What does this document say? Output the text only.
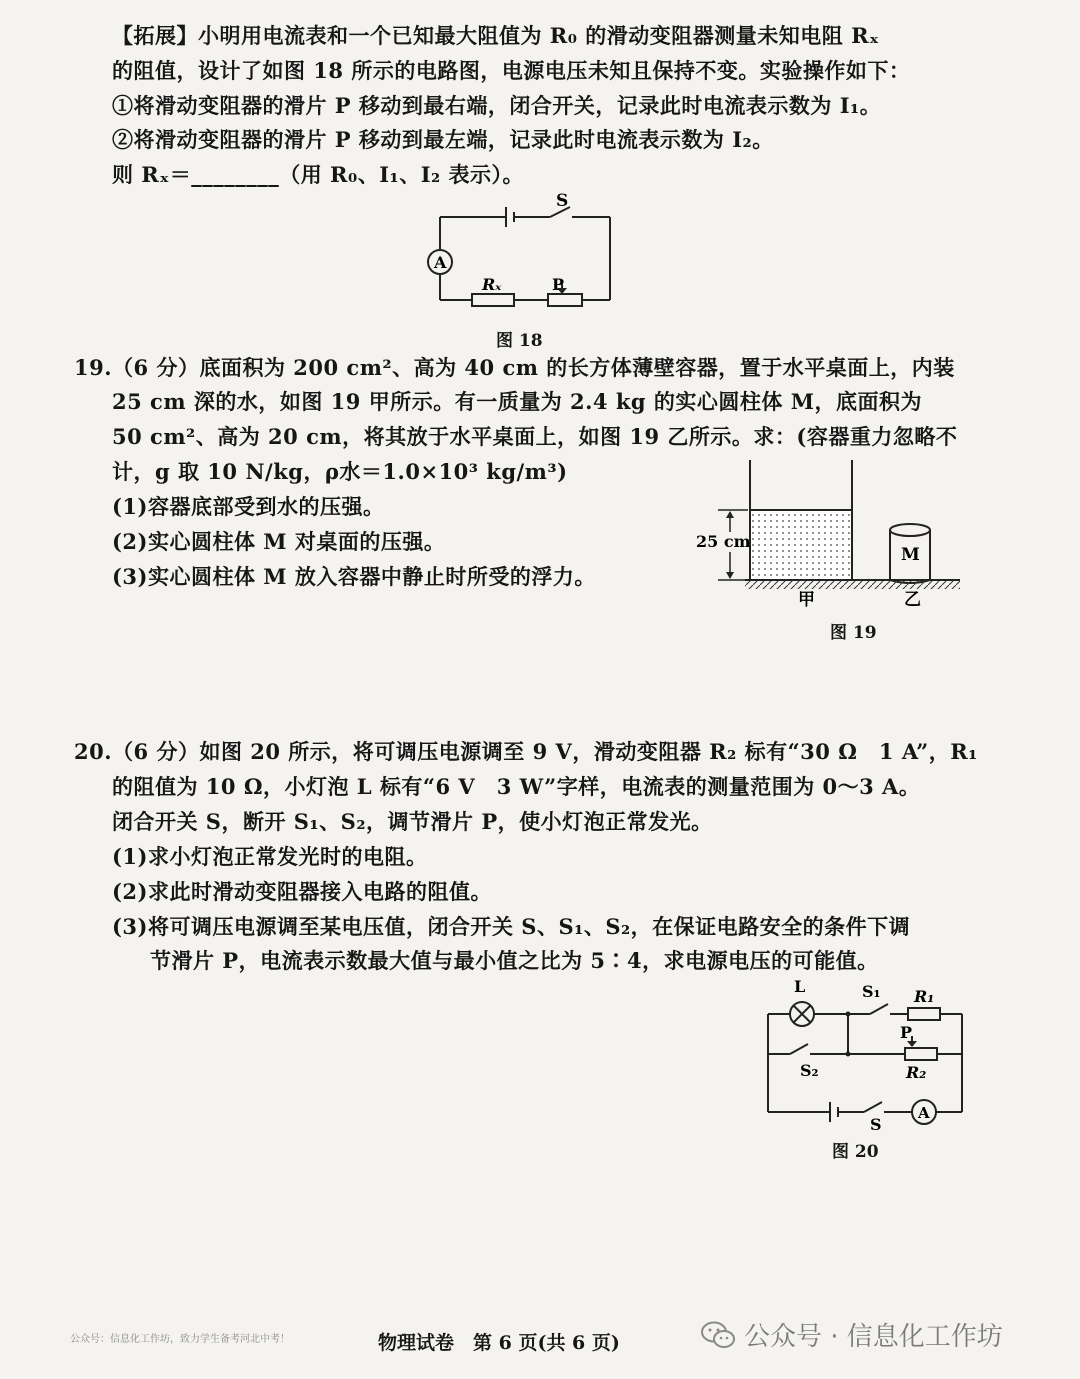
【拓展】小明用电流表和一个已知最大阻值为 R₀ 的滑动变阻器测量未知电阻 Rₓ
的阻值，设计了如图 18 所示的电路图，电源电压未知且保持不变。实验操作如下：
①将滑动变阻器的滑片 P 移动到最右端，闭合开关，记录此时电流表示数为 I₁。
②将滑动变阻器的滑片 P 移动到最左端，记录此时电流表示数为 I₂。
则 Rₓ＝________（用 R₀、I₁、I₂ 表示）。
A
S
Rₓ	P
图 18
19.（6 分）底面积为 200 cm²、高为 40 cm 的长方体薄壁容器，置于水平桌面上，内装
25 cm 深的水，如图 19 甲所示。有一质量为 2.4 kg 的实心圆柱体 M，底面积为
50 cm²、高为 20 cm，将其放于水平桌面上，如图 19 乙所示。求：(容器重力忽略不
计，g 取 10 N/kg，ρ水＝1.0×10³ kg/m³)
(1)容器底部受到水的压强。
(2)实心圆柱体 M 对桌面的压强。
(3)实心圆柱体 M 放入容器中静止时所受的浮力。
25 cm
M
甲	乙
图 19
20.（6 分）如图 20 所示，将可调压电源调至 9 V，滑动变阻器 R₂ 标有“30 Ω　1 A”，R₁
的阻值为 10 Ω，小灯泡 L 标有“6 V　3 W”字样，电流表的测量范围为 0～3 A。
闭合开关 S，断开 S₁、S₂，调节滑片 P，使小灯泡正常发光。
(1)求小灯泡正常发光时的电阻。
(2)求此时滑动变阻器接入电路的阻值。
(3)将可调压电源调至某电压值，闭合开关 S、S₁、S₂，在保证电路安全的条件下调
节滑片 P，电流表示数最大值与最小值之比为 5∶4，求电源电压的可能值。
L	S₁ R₁
P
S₂	R₂
S
A
图 20
公众号：信息化工作坊，致力学生备考河北中考！	物理试卷　第 6 页(共 6 页)	公众号 · 信息化工作坊
